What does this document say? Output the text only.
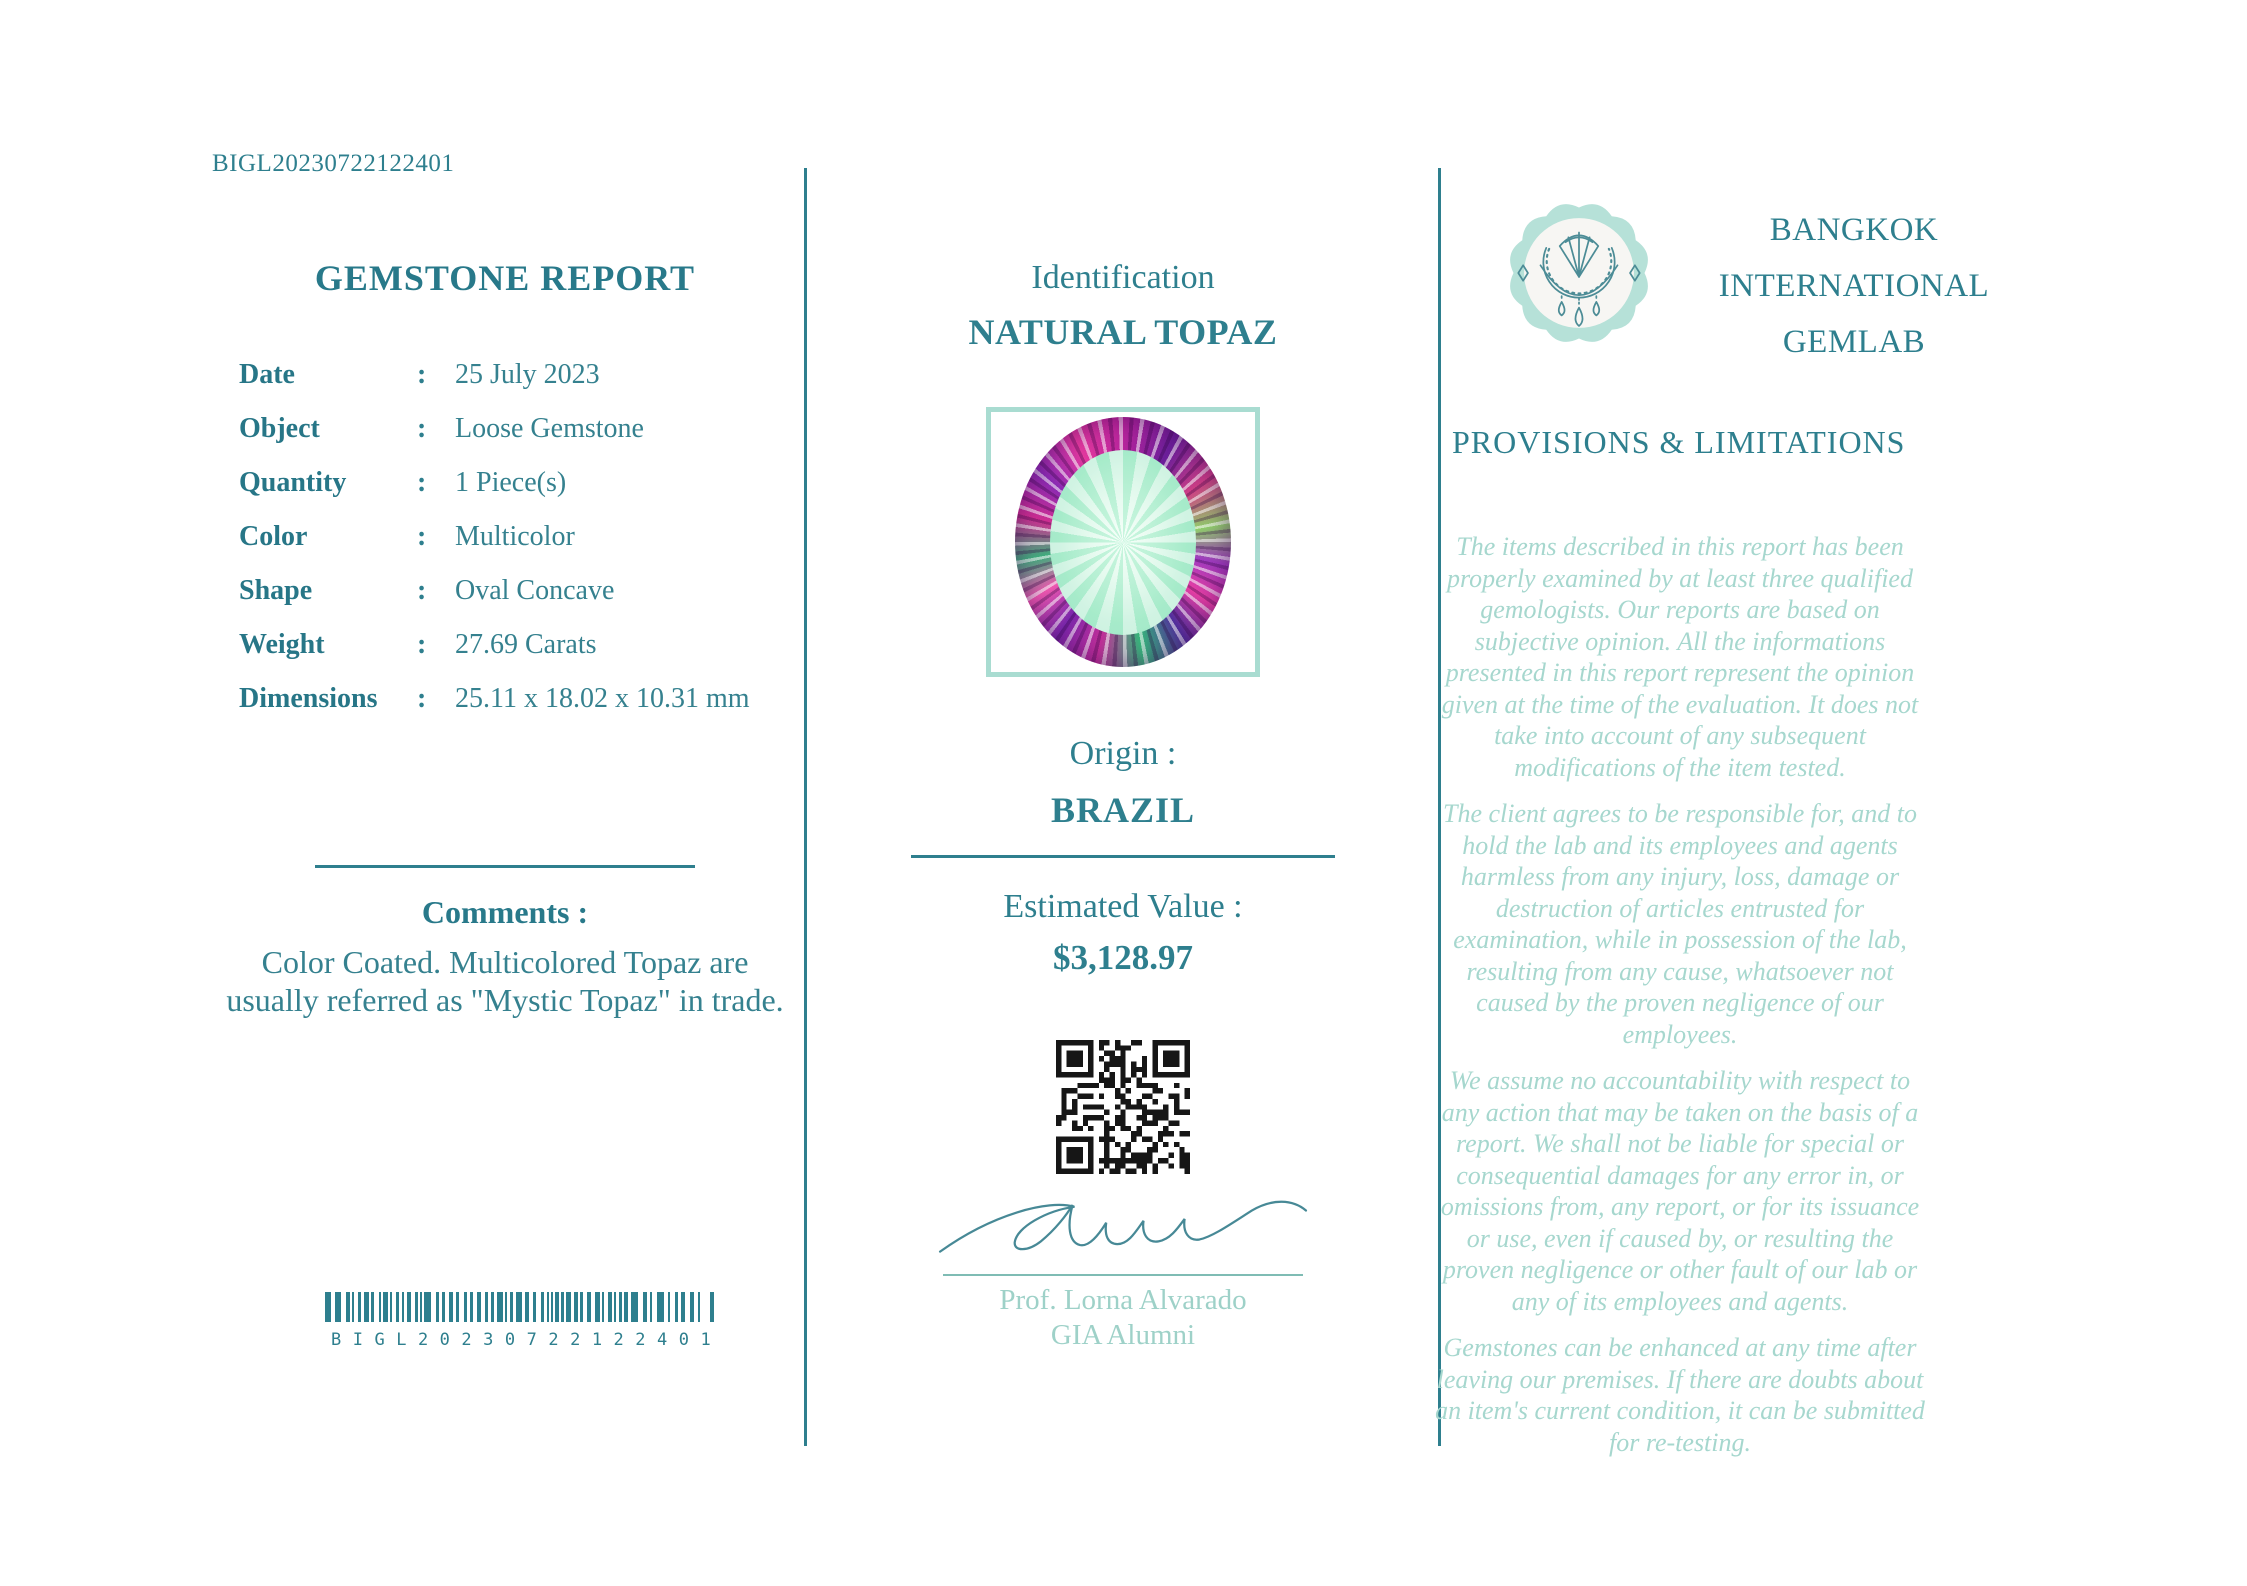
BIGL20230722122401
GEMSTONE REPORT
Date	:	25 July 2023
Object	:	Loose Gemstone
Quantity	:	1 Piece(s)
Color	:	Multicolor
Shape	:	Oval Concave
Weight	:	27.69 Carats
Dimensions	:	25.11 x 18.02 x 10.31 mm
Comments :

Color Coated. Multicolored Topaz are usually referred as "Mystic Topaz" in trade.

BIGL20230722122401
Identification
NATURAL TOPAZ
Origin :
BRAZIL
Estimated Value :
$3,128.97
Prof. Lorna Alvarado
GIA Alumni
BANGKOK
INTERNATIONAL
GEMLAB
PROVISIONS & LIMITATIONS

The items described in this report has been properly examined by at least three qualified gemologists. Our reports are based on subjective opinion. All the informations presented in this report represent the opinion given at the time of the evaluation. It does not take into account of any subsequent modifications of the item tested.

The client agrees to be responsible for, and to hold the lab and its employees and agents harmless from any injury, loss, damage or destruction of articles entrusted for examination, while in possession of the lab, resulting from any cause, whatsoever not caused by the proven negligence of our employees.

We assume no accountability with respect to any action that may be taken on the basis of a report. We shall not be liable for special or consequential damages for any error in, or omissions from, any report, or for its issuance or use, even if caused by, or resulting the proven negligence or other fault of our lab or any of its employees and agents.

Gemstones can be enhanced at any time after leaving our premises. If there are doubts about an item's current condition, it can be submitted for re-testing.
